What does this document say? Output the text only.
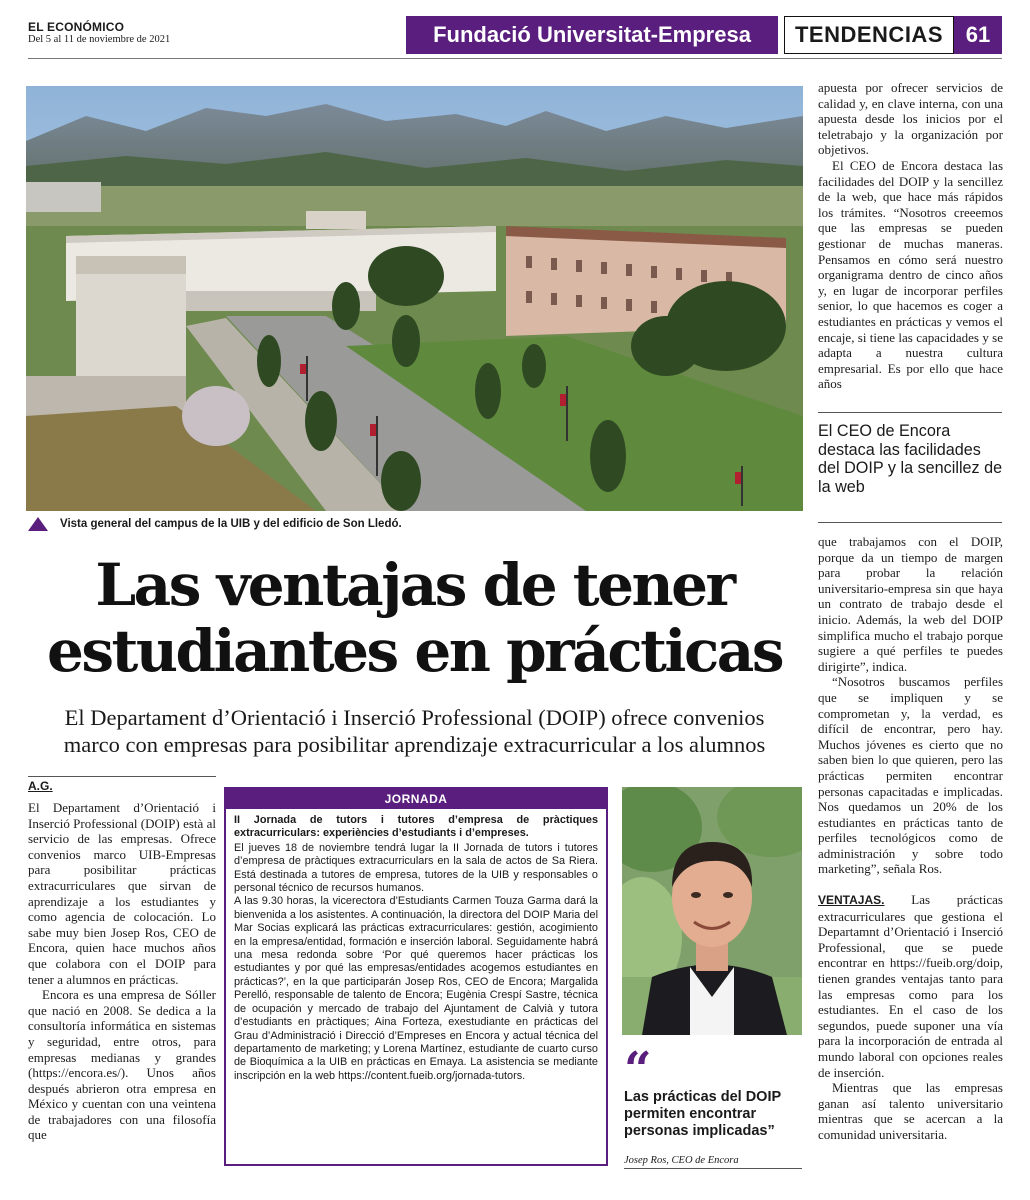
EL ECONÓMICO
Del 5 al 11 de noviembre de 2021	Fundació Universitat-Empresa	TENDENCIAS	61
Vista general del campus de la UIB y del edificio de Son Lledó.
Las ventajas de tener
estudiantes en prácticas
El Departament d’Orientació i Inserció Professional (DOIP) ofrece convenios
marco con empresas para posibilitar aprendizaje extracurricular a los alumnos
A.G.

El Departament d’Orientació i Inserció Professional (DOIP) està al servicio de las empresas. Ofrece convenios marco UIB-Empresas para posibilitar prácticas extracurriculares que sirvan de aprendizaje a los estudiantes y como agencia de colocación. Lo sabe muy bien Josep Ros, CEO de Encora, quien hace muchos años que colabora con el DOIP para tener a alumnos en prácticas.

Encora es una empresa de Sóller que nació en 2008. Se dedica a la consultoría informática en sistemas y seguridad, entre otros, para empresas medianas y grandes (https://encora.es/). Unos años después abrieron otra empresa en México y cuentan con una veintena de trabajadores con una filosofía que

JORNADA
II Jornada de tutors i tutores d’empresa de pràctiques extracurriculars: experiències d’estudiants i d’empreses.
El jueves 18 de noviembre tendrá lugar la II Jornada de tutors i tutores d’empresa de pràctiques extracurriculars en la sala de actos de Sa Riera. Está destinada a tutores de empresa, tutores de la UIB y responsables o personal técnico de recursos humanos.
A las 9.30 horas, la vicerectora d’Estudiants Carmen Touza Garma dará la bienvenida a los asistentes. A continuación, la directora del DOIP Maria del Mar Socias explicará las prácticas extracurriculares: gestión, acogimiento en la empresa/entidad, formación e inserción laboral. Seguidamente habrá una mesa redonda sobre ‘Por qué queremos hacer prácticas los estudiantes y por qué las empresas/entidades acogemos estudiantes en prácticas?’, en la que participarán Josep Ros, CEO de Encora; Margalida Perelló, responsable de talento de Encora; Eugènia Crespí Sastre, técnica de ocupación y mercado de trabajo del Ajuntament de Calvià y tutora d’estudiants en pràctiques; Aina Forteza, exestudiante en prácticas del Grau d’Administració i Direcció d’Empreses en Encora y actual técnica del departamento de marketing; y Lorena Martínez, estudiante de cuarto curso de Bioquímica a la UIB en prácticas en Emaya. La asistencia se mediante inscripción en la web https://content.fueib.org/jornada-tutors.	“
Las prácticas del DOIP permiten encontrar personas implicadas”
Josep Ros, CEO de Encora

apuesta por ofrecer servicios de calidad y, en clave interna, con una apuesta desde los inicios por el teletrabajo y la organización por objetivos.

El CEO de Encora destaca las facilidades del DOIP y la sencillez de la web, que hace más rápidos los trámites. “Nosotros creeemos que las empresas se pueden gestionar de muchas maneras. Pensamos en cómo será nuestro organigrama dentro de cinco años y, en lugar de incorporar perfiles senior, lo que hacemos es coger a estudiantes en prácticas y vemos el encaje, si tiene las capacidades y se adapta a nuestra cultura empresarial. Es por ello que hace años

El CEO de Encora destaca las facilidades del DOIP y la sencillez de la web

que trabajamos con el DOIP, porque da un tiempo de margen para probar la relación universitario-empresa sin que haya un contrato de trabajo desde el inicio. Además, la web del DOIP simplifica mucho el trabajo porque sugiere a qué perfiles te puedes dirigirte”, indica.

“Nosotros buscamos perfiles que se impliquen y se comprometan y, la verdad, es difícil de encontrar, pero hay. Muchos jóvenes es cierto que no saben bien lo que quieren, pero las prácticas permiten encontrar personas capacitadas e implicadas. Nos quedamos un 20% de los estudiantes en prácticas tanto de perfiles tecnológicos como de administración y sobre todo marketing”, señala Ros.

VENTAJAS. Las prácticas extracurriculares que gestiona el Departamnt d’Orientació i Inserció Professional, que se puede encontrar en https://fueib.org/doip, tienen grandes ventajas tanto para las empresas como para los estudiantes. En el caso de los segundos, puede suponer una vía para la incorporación de entrada al mundo laboral con opciones reales de inserción.

Mientras que las empresas ganan así talento universitario mientras que se acercan a la comunidad universitaria.
